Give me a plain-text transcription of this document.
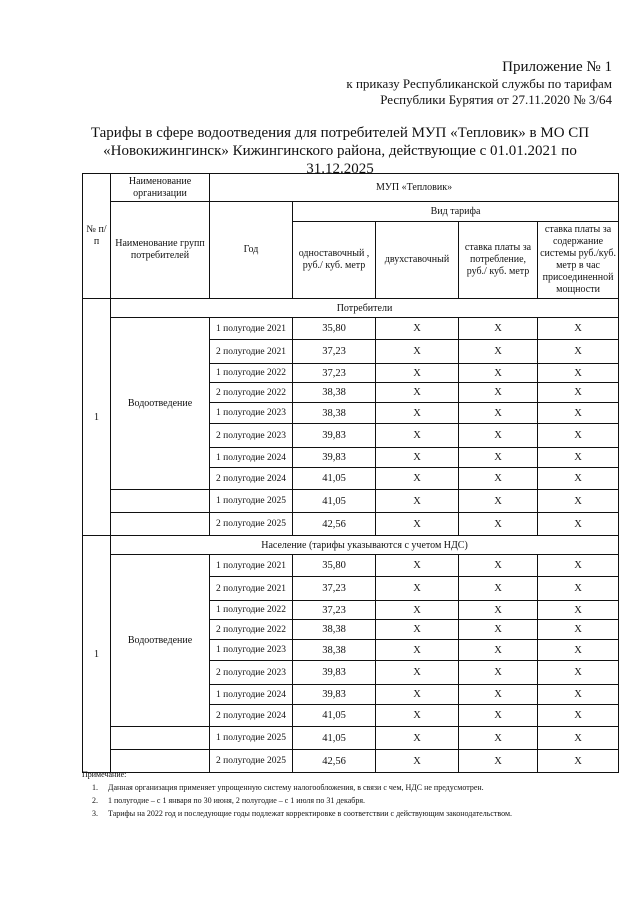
Приложение № 1
к приказу Республиканской службы по тарифам
Республики Бурятия от 27.11.2020 № 3/64
Тарифы в сфере водоотведения для потребителей МУП «Тепловик» в МО СП
«Новокижингинск» Кижингинского района, действующие с 01.01.2021 по
31.12.2025
№ п/п	Наименование организации	МУП «Тепловик»				
	Наименование групп потребителей	Год	Вид тарифа			
			одноставочный , руб./ куб. метр	двухставочный	ставка платы за потребление, руб./ куб. метр	ставка платы за содержание системы руб./куб. метр в час присоединенной мощности
1	Потребители					
	Водоотведение	1 полугодие 2021	35,80	Х	Х	Х
		2 полугодие 2021	37,23	Х	Х	Х
		1 полугодие 2022	37,23	Х	Х	Х
		2 полугодие 2022	38,38	Х	Х	Х
		1 полугодие 2023	38,38	Х	Х	Х
		2 полугодие 2023	39,83	Х	Х	Х
		1 полугодие 2024	39,83	Х	Х	Х
		2 полугодие 2024	41,05	Х	Х	Х
		1 полугодие 2025	41,05	Х	Х	Х
		2 полугодие 2025	42,56	Х	Х	Х
1	Население (тарифы указываются с учетом НДС)					
	Водоотведение	1 полугодие 2021	35,80	Х	Х	Х
		2 полугодие 2021	37,23	Х	Х	Х
		1 полугодие 2022	37,23	Х	Х	Х
		2 полугодие 2022	38,38	Х	Х	Х
		1 полугодие 2023	38,38	Х	Х	Х
		2 полугодие 2023	39,83	Х	Х	Х
		1 полугодие 2024	39,83	Х	Х	Х
		2 полугодие 2024	41,05	Х	Х	Х
		1 полугодие 2025	41,05	Х	Х	Х
		2 полугодие 2025	42,56	Х	Х	Х
Примечание:
1.	Данная организация применяет упрощенную систему налогообложения, в связи с чем, НДС не предусмотрен.
2.	1 полугодие – с 1 января по 30 июня, 2 полугодие – с 1 июля по 31 декабря.
3.	Тарифы на 2022 год и последующие годы подлежат корректировке в соответствии с действующим законодательством.
